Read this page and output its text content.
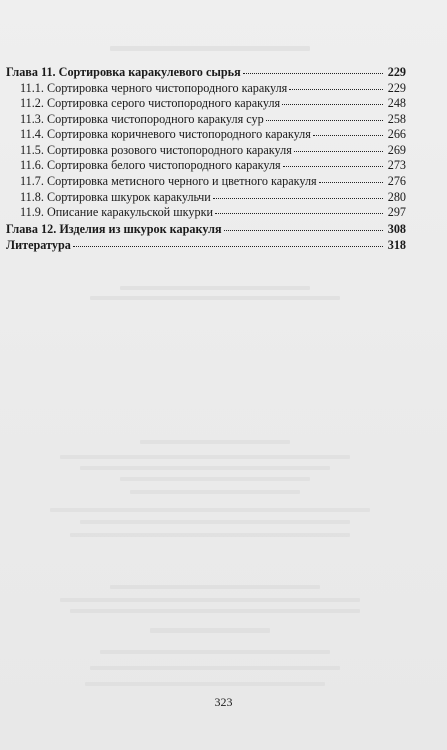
Глава 11. Сортировка каракулевого сырья	229
11.1. Сортировка черного чистопородного каракуля	229
11.2. Сортировка серого чистопородного каракуля	248
11.3. Сортировка чистопородного каракуля сур	258
11.4. Сортировка коричневого чистопородного каракуля	266
11.5. Сортировка розового чистопородного каракуля	269
11.6. Сортировка белого чистопородного каракуля	273
11.7. Сортировка метисного черного и цветного каракуля	276
11.8. Сортировка шкурок каракульчи	280
11.9. Описание каракульской шкурки	297
Глава 12. Изделия из шкурок каракуля	308
Литература	318
323
